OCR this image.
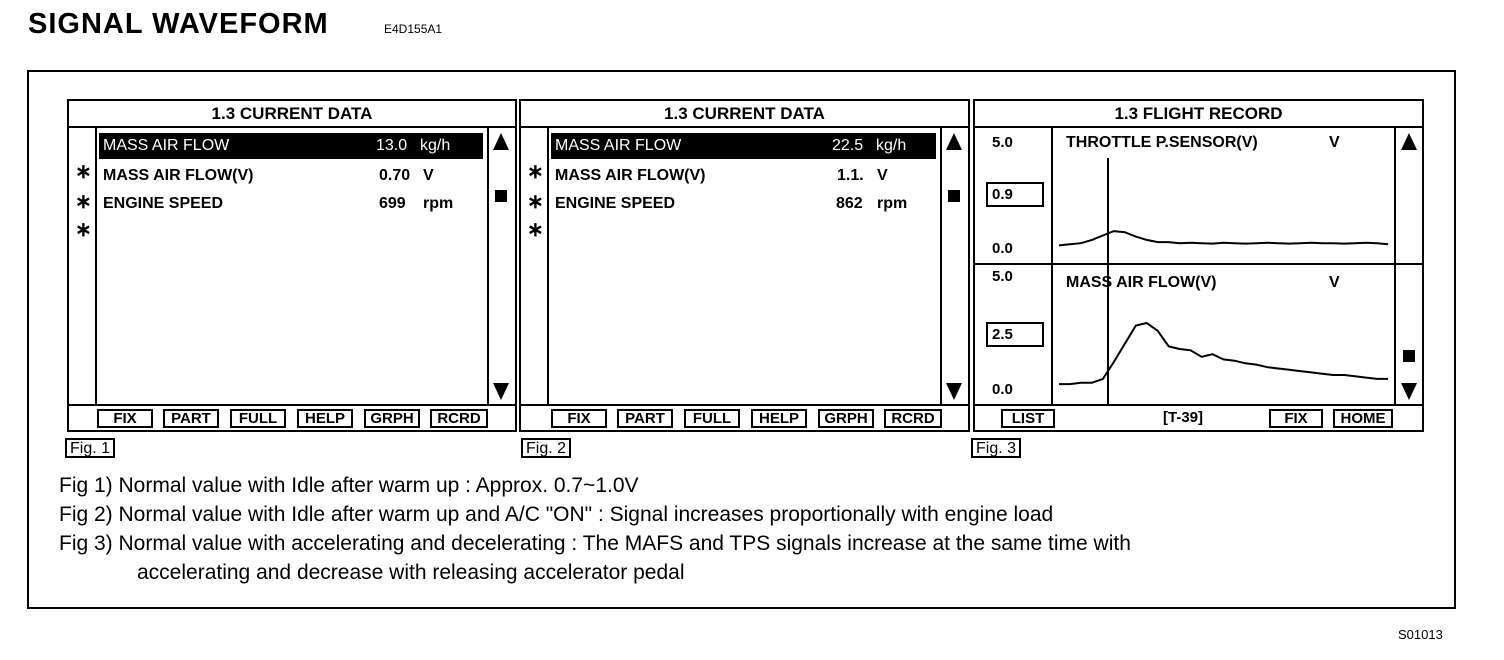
SIGNAL WAVEFORM	E4D155A1
1.3 CURRENT DATA
∗
∗
∗
MASS AIR FLOW	13.0 kg/h
MASS AIR FLOW(V)	0.70 V
ENGINE SPEED	699 rpm
FIX	PART	FULL	HELP	GRPH	RCRD
Fig. 1
1.3 CURRENT DATA
∗
∗
∗
MASS AIR FLOW	22.5 kg/h
MASS AIR FLOW(V)	1.1. V
ENGINE SPEED	862 rpm
FIX	PART	FULL	HELP	GRPH	RCRD
Fig. 2
1.3 FLIGHT RECORD
5.0
0.9
0.0
THROTTLE P.SENSOR(V)	V
5.0
2.5
0.0
MASS AIR FLOW(V)	V
LIST	[T-39]	FIX	HOME
Fig. 3
Fig 1) Normal value with Idle after warm up : Approx. 0.7~1.0V
Fig 2) Normal value with Idle after warm up and A/C "ON" : Signal increases proportionally with engine load
Fig 3) Normal value with accelerating and decelerating : The MAFS and TPS signals increase at the same time with
accelerating and decrease with releasing accelerator pedal
S01013
